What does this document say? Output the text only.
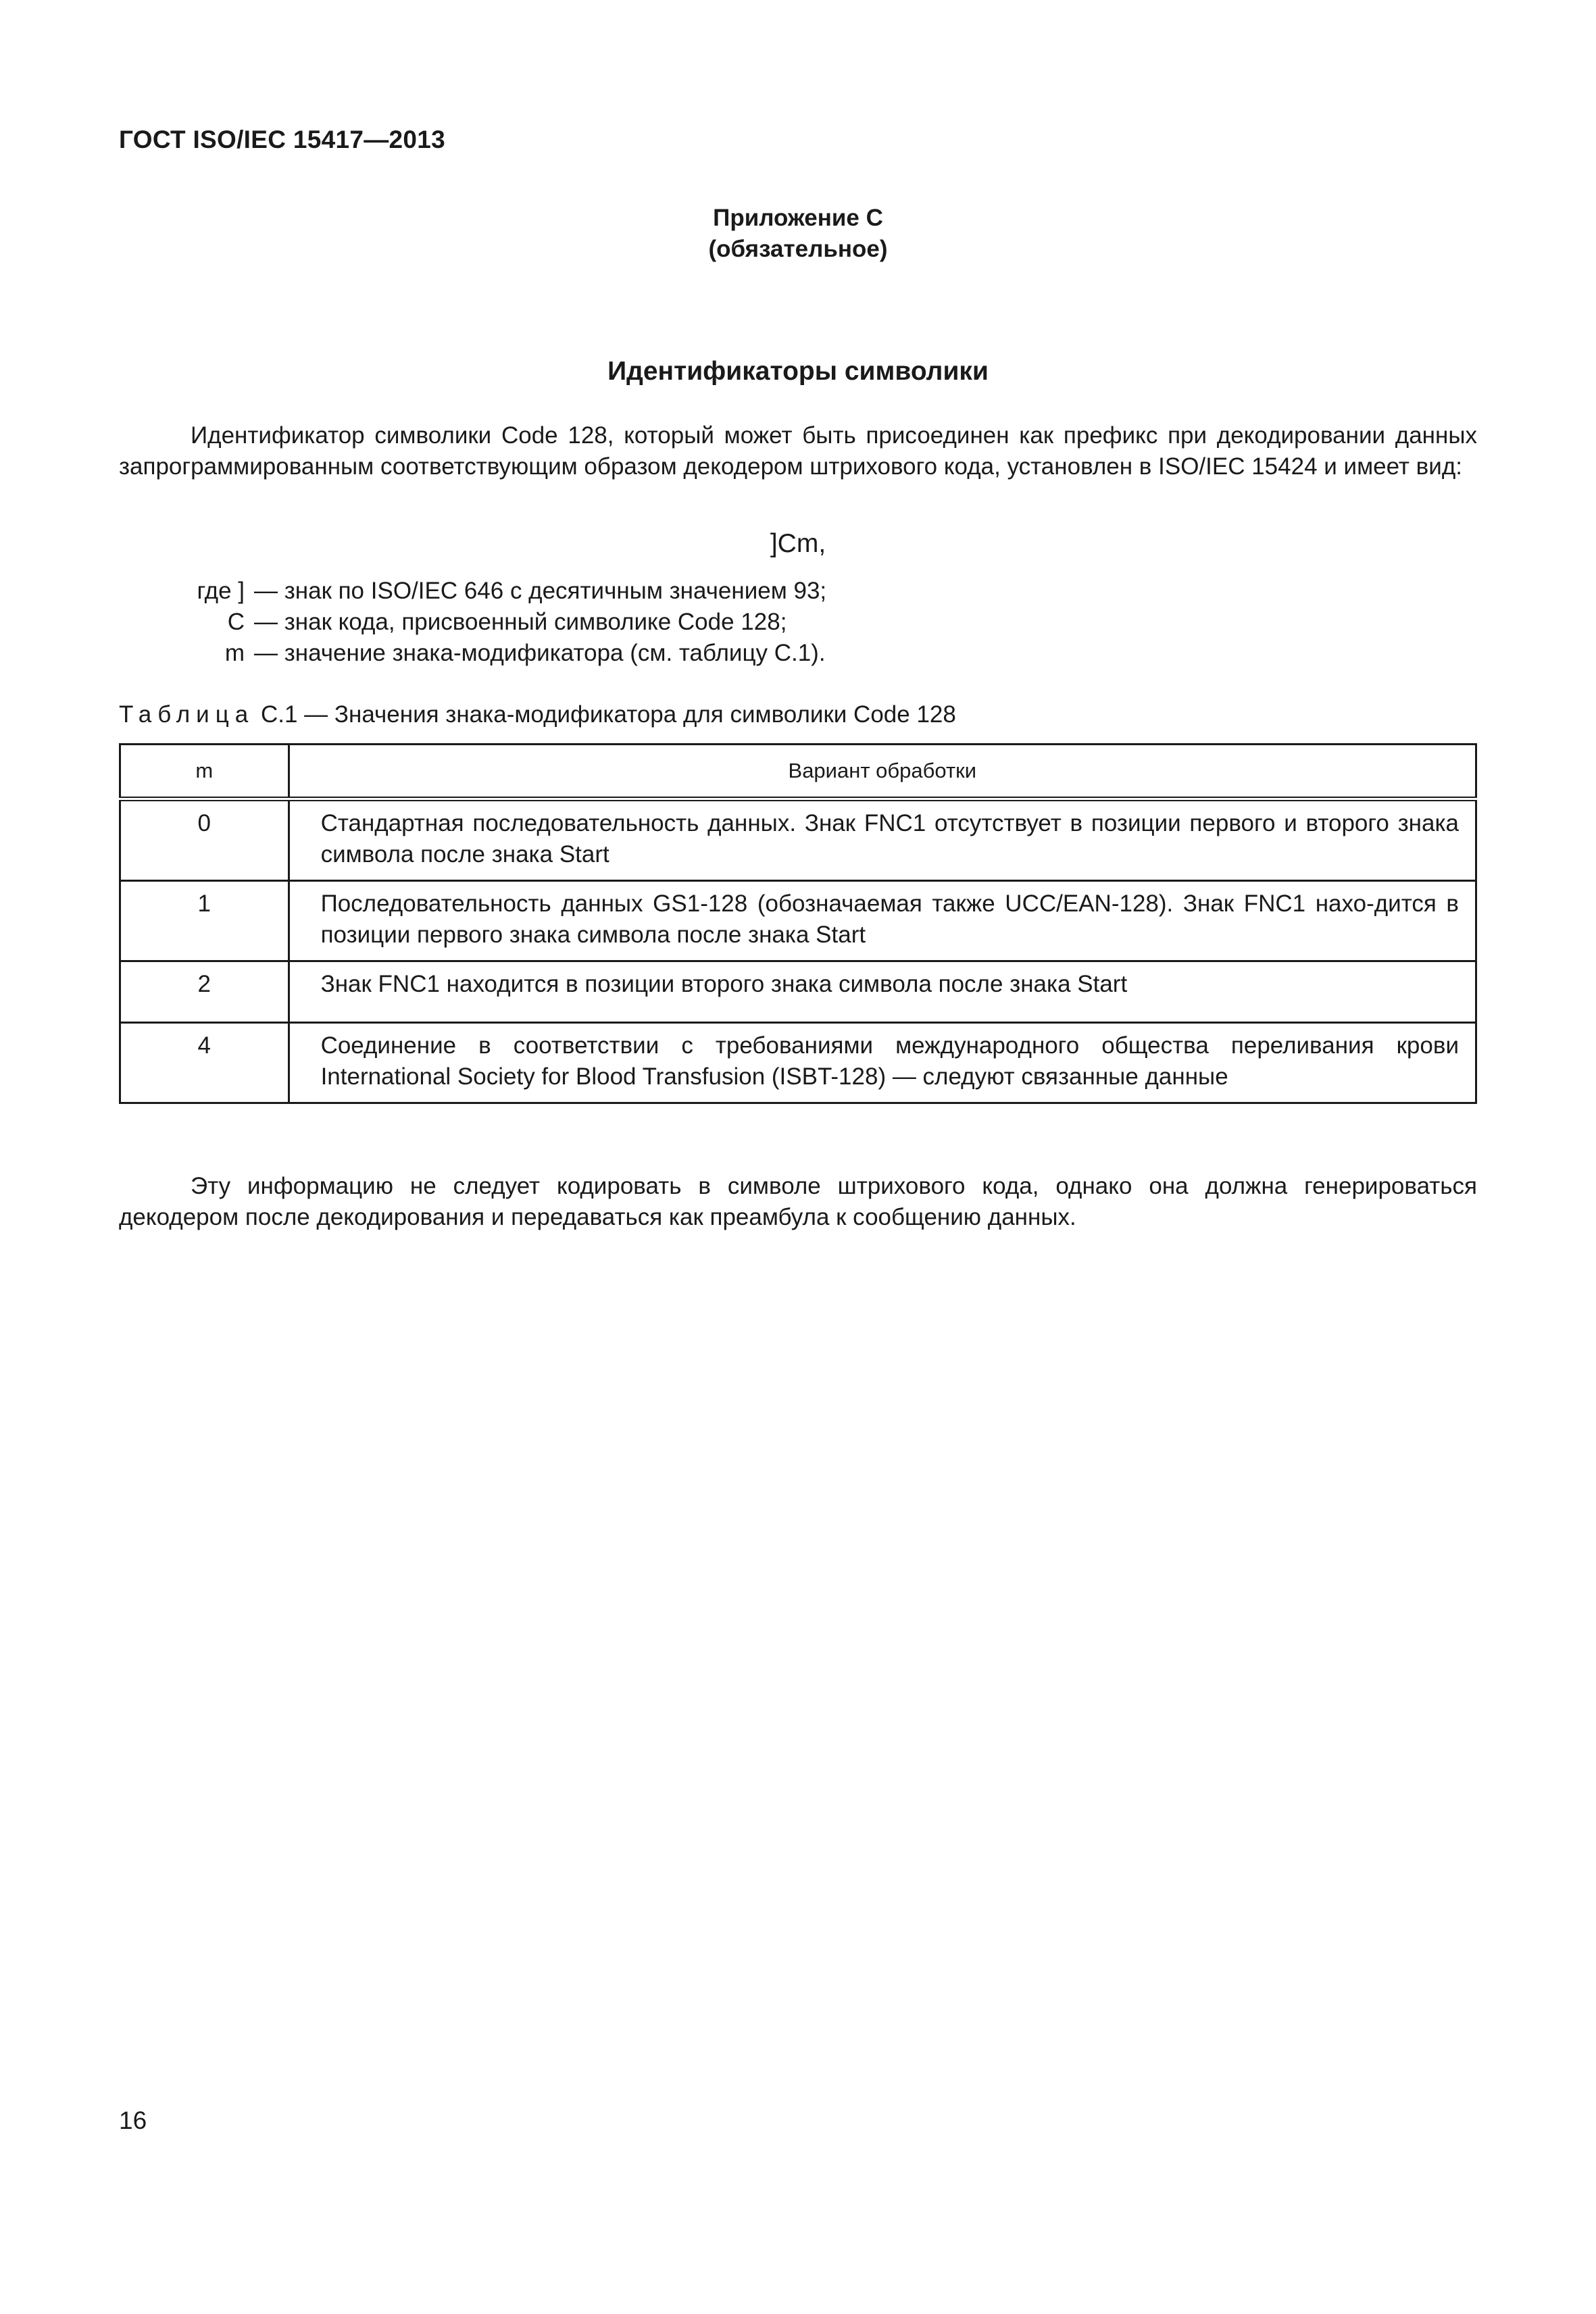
ГОСТ ISO/IEC 15417—2013
Приложение С
(обязательное)
Идентификаторы символики
Идентификатор символики Code 128, который может быть присоединен как префикс при декодировании данных запрограммированным соответствующим образом декодером штрихового кода, установлен в ISO/IEC 15424 и имеет вид:
]Cm,
где ] — знак по ISO/IEC 646 с десятичным значением 93;
C — знак кода, присвоенный символике Code 128;
m — значение знака-модификатора (см. таблицу С.1).
Таблица С.1 — Значения знака-модификатора для символики Code 128
m	Вариант обработки
0	Стандартная последовательность данных. Знак FNC1 отсутствует в позиции первого и второго знака символа после знака Start
1	Последовательность данных GS1-128 (обозначаемая также UCC/EAN-128). Знак FNC1 нахо-дится в позиции первого знака символа после знака Start
2	Знак FNC1 находится в позиции второго знака символа после знака Start
4	Соединение в соответствии с требованиями международного общества переливания крови International Society for Blood Transfusion (ISBT-128) — следуют связанные данные
Эту информацию не следует кодировать в символе штрихового кода, однако она должна генерироваться декодером после декодирования и передаваться как преамбула к сообщению данных.
16
